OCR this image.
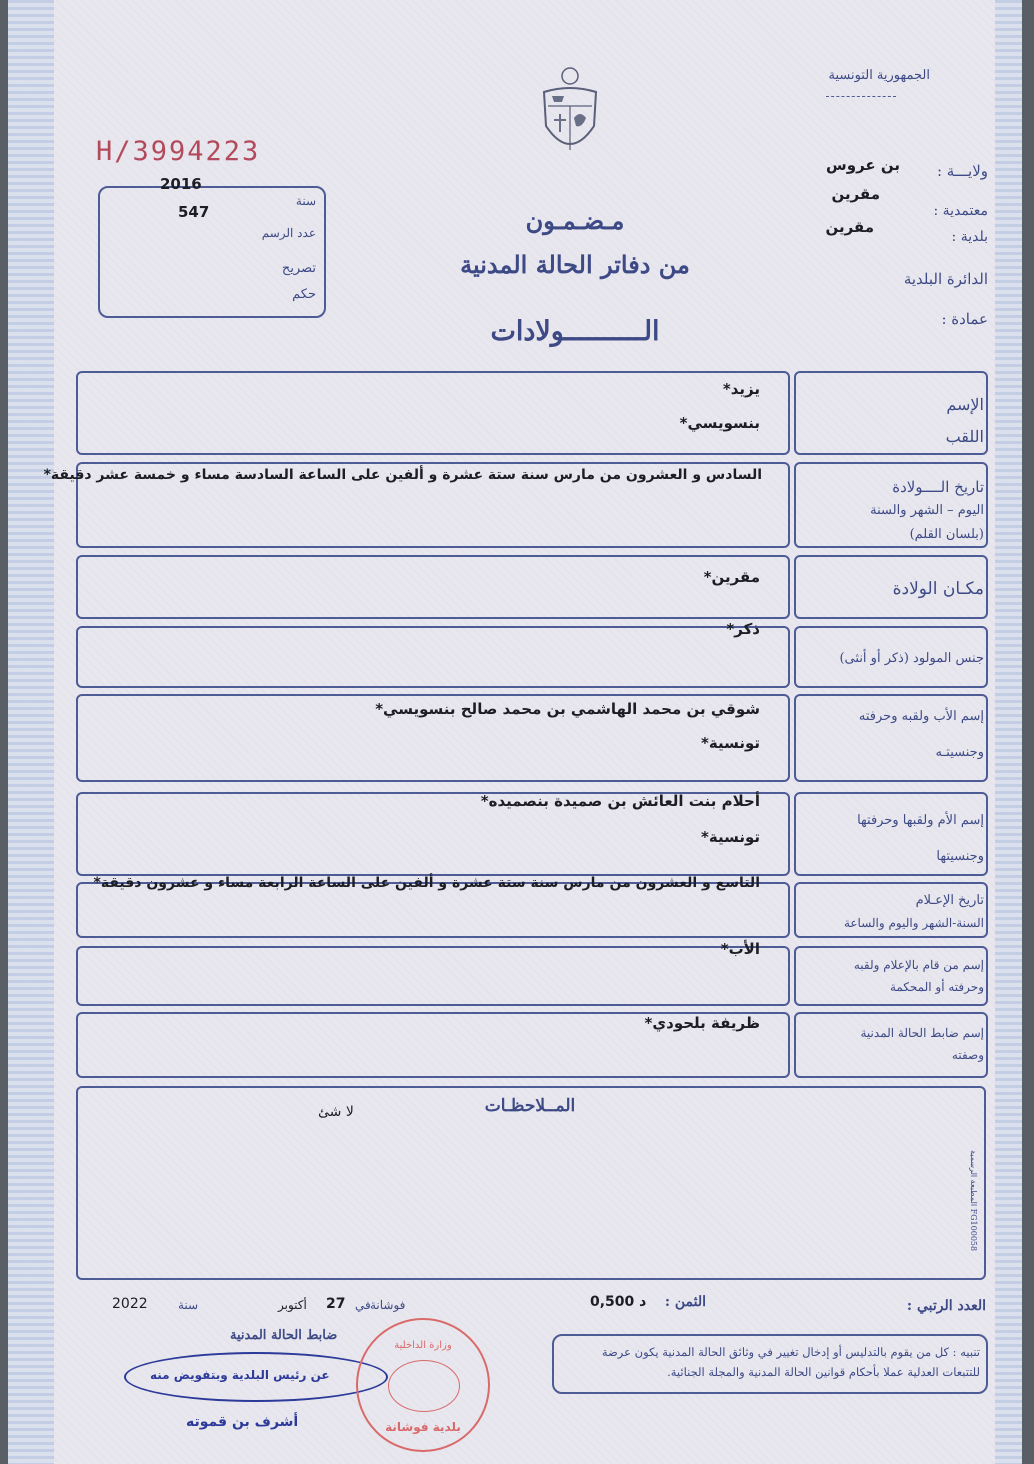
الجمهورية التونسية
H/3994223
2016
سنة
547
عدد الرسم
تصريح
حكم
مـضـمـون
من دفاتر الحالة المدنية
الــــــــــولادات
ولايـــة :
بن عروس
معتمدية :
مقرين
بلدية :
مقرين
الدائرة البلدية
عمادة :
الإسم
اللقب
يزيد*
بنسويسي*
تاريخ الــــولادة
اليوم – الشهر والسنة
(بلسان القلم)
السادس و العشرون من مارس سنة ستة عشرة و ألفين على الساعة السادسة مساء و خمسة عشر دقيقة*
مكـان الولادة
مقرين*
جنس المولود (ذكر أو أنثى)
ذكر*
إسم الأب ولقبه وحرفته
وجنسيتـه
شوقي بن محمد الهاشمي بن محمد صالح بنسويسي*
تونسية*
إسم الأم ولقبها وحرفتها
وجنسيتها
أحلام بنت العائش بن صميدة بنصميده*
تونسية*
تاريخ الإعـلام
السنة-الشهر واليوم والساعة
التاسع و العشرون من مارس سنة ستة عشرة و ألفين على الساعة الرابعة مساء و عشرون دقيقة*
إسم من قام بالإعلام ولقبه
وحرفته أو المحكمة
الأب*
إسم ضابط الحالة المدنية
وصفته
ظريفة بلحودي*
المــلاحظـات
لا شئ
المطبعة الرسمية FG100058
العدد الرتبي :
الثمن :
0,500 د
فوشانة
في
27
أكتوبر
سنة
2022
تنبيه : كل من يقوم بالتدليس أو إدخال تغيير في وثائق الحالة المدنية يكون عرضة للتتبعات العدلية عملا بأحكام قوانين الحالة المدنية والمجلة الجنائية.
ضابط الحالة المدنية
عن رئيس البلدية وبتفويض منه
أشرف بن قموته
وزارة الداخلية
بلدية فوشانة
